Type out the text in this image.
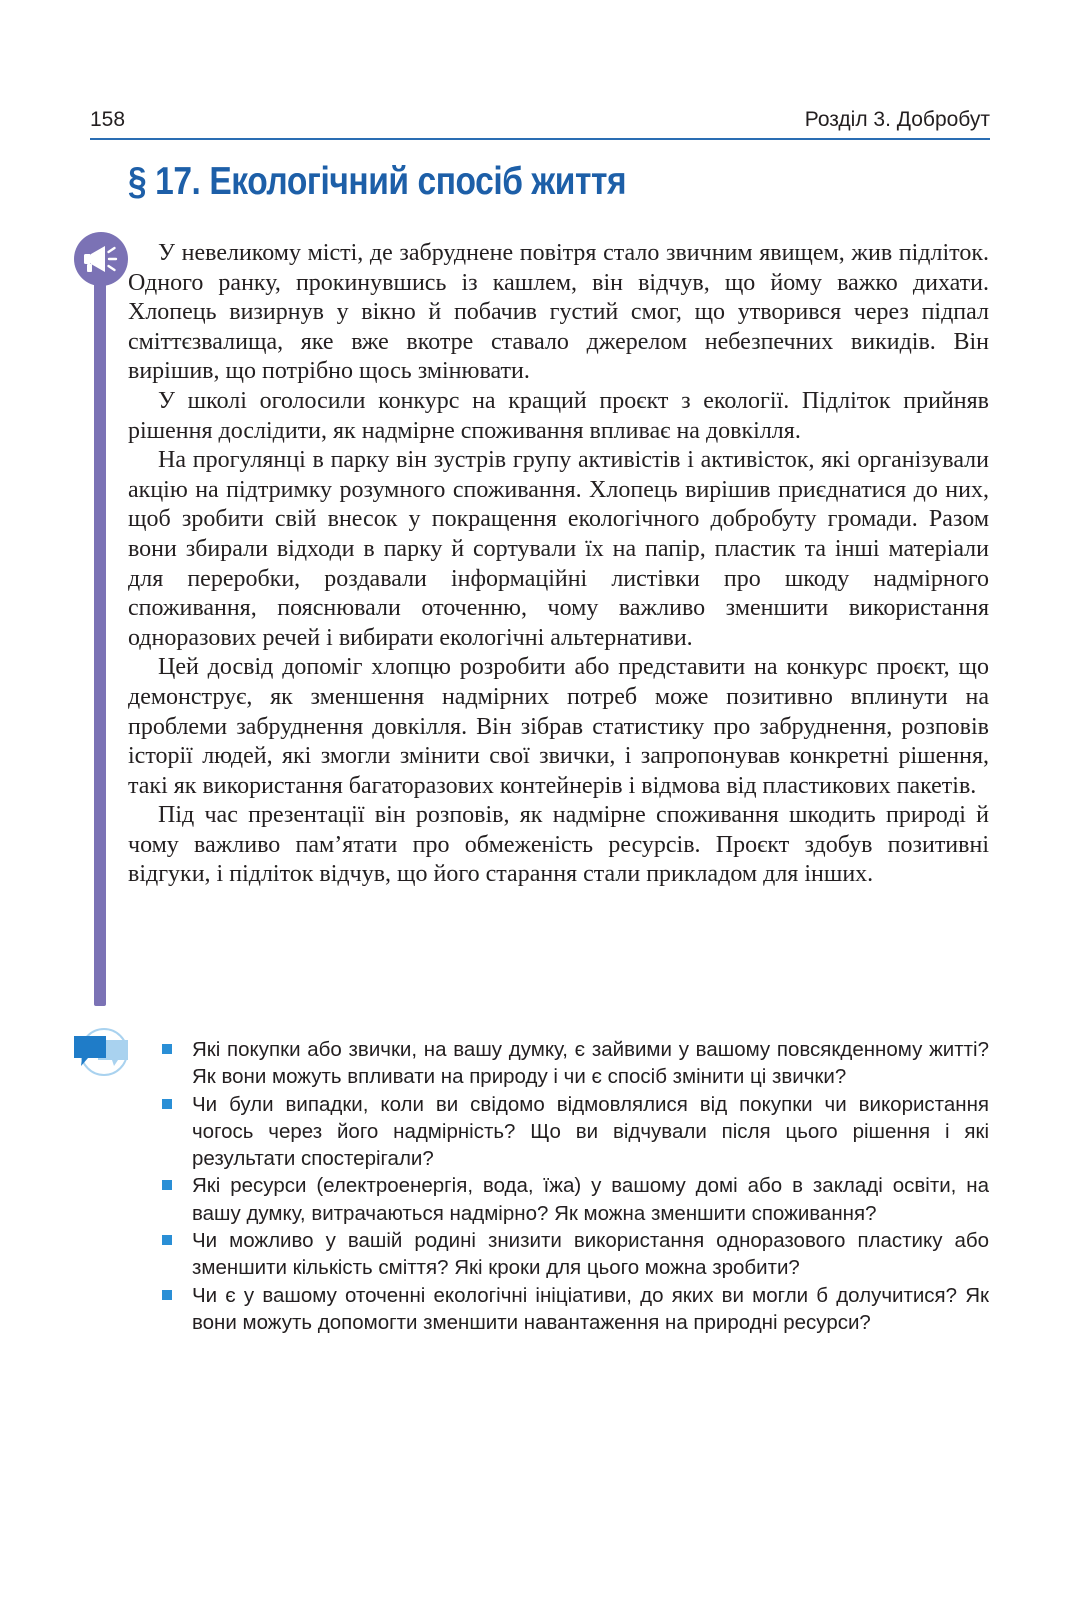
158	Розділ 3. Добробут
§ 17. Екологічний спосіб життя

У невеликому місті, де забруднене повітря стало звичним явищем, жив підліток. Одного ранку, прокинувшись із кашлем, він відчув, що йому важко дихати. Хлопець визирнув у вікно й побачив густий смог, що утворився через підпал сміттєзвалища, яке вже вкотре ставало джерелом небезпечних викидів. Він вирішив, що потрібно щось змінювати.

У школі оголосили конкурс на кращий проєкт з екології. Підліток прийняв рішення дослідити, як надмірне споживання впливає на довкілля.

На прогулянці в парку він зустрів групу активістів і активісток, які організували акцію на підтримку розумного споживання. Хлопець вирішив приєднатися до них, щоб зробити свій внесок у покращення екологічного добробуту громади. Разом вони збирали відходи в парку й сортували їх на папір, пластик та інші матеріали для переробки, роздавали інформаційні листівки про шкоду надмірного споживання, пояснювали оточенню, чому важливо зменшити використання одноразових речей і вибирати екологічні альтернативи.

Цей досвід допоміг хлопцю розробити або представити на конкурс проєкт, що демонструє, як зменшення надмірних потреб може позитивно вплинути на проблеми забруднення довкілля. Він зібрав статистику про забруднення, розповів історії людей, які змогли змінити свої звички, і запропонував конкретні рішення, такі як використання багаторазових контейнерів і відмова від пластикових пакетів.

Під час презентації він розповів, як надмірне споживання шкодить природі й чому важливо пам’ятати про обмеженість ресурсів. Проєкт здобув позитивні відгуки, і підліток відчув, що його старання стали прикладом для інших.

Які покупки або звички, на вашу думку, є зайвими у вашому повсякденному житті? Як вони можуть впливати на природу і чи є спосіб змінити ці звички?
Чи були випадки, коли ви свідомо відмовлялися від покупки чи використання чогось через його надмірність? Що ви відчували після цього рішення і які результати спостерігали?
Які ресурси (електроенергія, вода, їжа) у вашому домі або в закладі освіти, на вашу думку, витрачаються надмірно? Як можна зменшити споживання?
Чи можливо у вашій родині знизити використання одноразового пластику або зменшити кількість сміття? Які кроки для цього можна зробити?
Чи є у вашому оточенні екологічні ініціативи, до яких ви могли б долучитися? Як вони можуть допомогти зменшити навантаження на природні ресурси?
